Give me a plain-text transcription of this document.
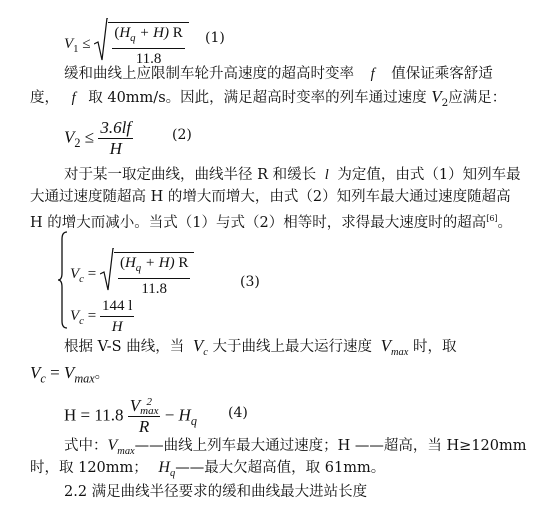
$V_1 \le \frac{(H_q + H) R}{11.8} (1)$
缓和曲线上应限制车轮升高速度的超高时变率 f 值保证乘客舒适
度， f 取 40mm/s。因此，满足超高时变率的列车通过速度 $V_2$应满足：
$V_2 \le \frac{3.6lf}{H}$	(2)
对于某一取定曲线，曲线半径 R 和缓长 l 为定值，由式（1）知列车最
大通过速度随超高 H 的增大而增大，由式（2）知列车最大通过速度随超高
H 的增大而减小。当式（1）与式（2）相等时，求得最大速度时的超高[6]。
$V_c = \frac{(H_q + H) R}{11.8}$
$V_c = \frac{144 l}{H}$
(3)
根据 V-S 曲线，当 $V_c$ 大于曲线上最大运行速度 $V_{max}$ 时，取
$V_c = V_{max}$。
H = 11.8 V 2
max
$R - H_q$ (4)
式中：$V_{max}——$曲线上列车最大通过速度；H ——超高，当 H≥120mm
时，取 120mm； $H_q——$最大欠超高值，取 61mm。
2.2 满足曲线半径要求的缓和曲线最大进站长度
